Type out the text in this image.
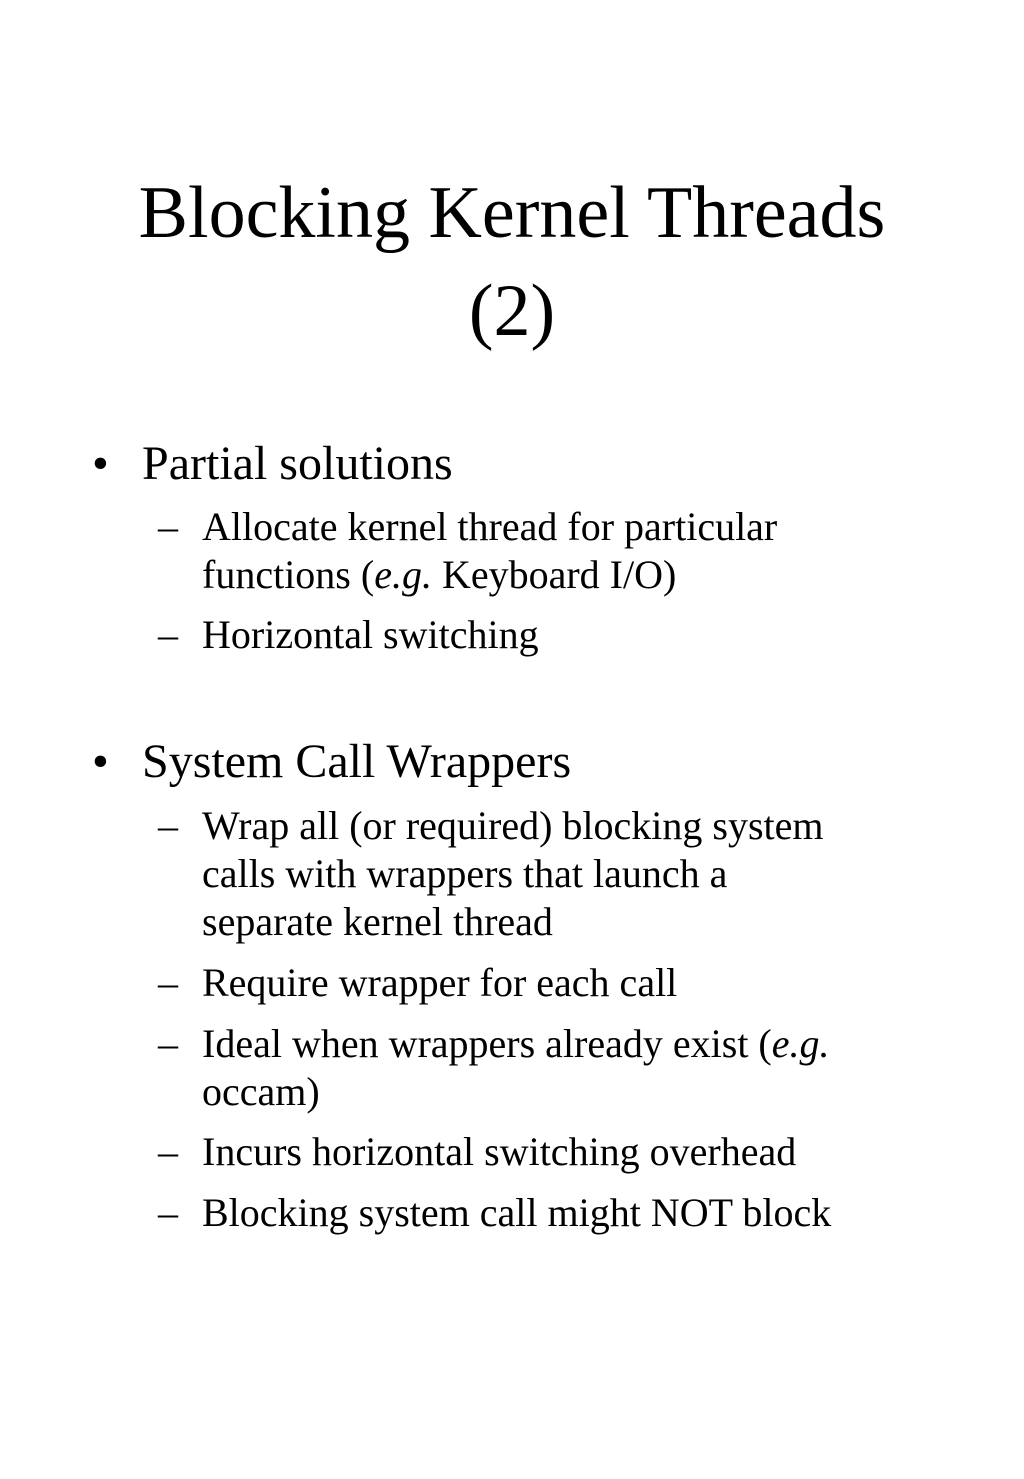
Blocking Kernel Threads
(2)
• Partial solutions
– Allocate kernel thread for particular
functions (e.g. Keyboard I/O)
– Horizontal switching
• System Call Wrappers
– Wrap all (or required) blocking system
calls with wrappers that launch a
separate kernel thread
– Require wrapper for each call
– Ideal when wrappers already exist (e.g.
occam)
– Incurs horizontal switching overhead
– Blocking system call might NOT block
